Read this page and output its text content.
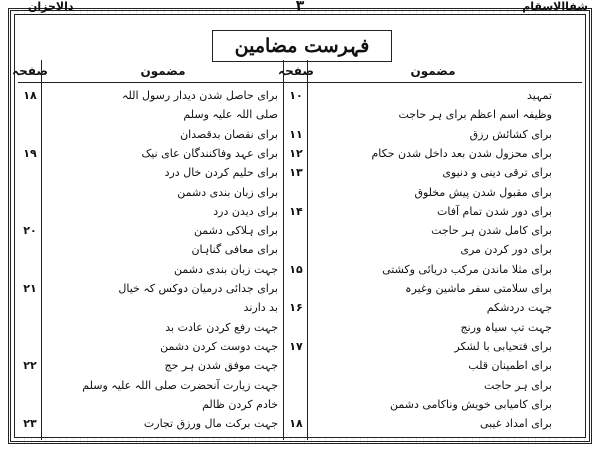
شفاالاسقام
۳
دالاحزان
فہرست مضامین
مضمون
صفحہ
مضمون
صفحہ
تمہید
۱۰
وظیفہ اسم اعظم برای ہر حاجت
برای کشائش رزق
۱۱
برای محزول شدن بعد داخل شدن حکام
۱۲
برای ترقی دینی و دنیوی
۱۳
برای مقبول شدن پیش مخلوق
برای دور شدن تمام آفات
۱۴
برای کامل شدن ہر حاجت
برای دور کردن مری
برای مثلا ماندن مرکب دریائی وکشتی
۱۵
برای سلامتی سفر ماشین وغیرہ
جہت دردشکم
۱۶
جہت تپ سیاہ ورنج
برای فتحیابی با لشکر
۱۷
برای اطمینان قلب
برای ہر حاجت
برای کامیابی خویش وناکامی دشمن
برای امداد غیبی
۱۸
برای حاصل شدن دیدار رسول اللہ
۱۸
صلی اللہ علیہ وسلم
برای نقصان بدقصدان
برای عہد وفاکنندگان عای نیک
۱۹
برای حلیم کردن خال درد
برای زبان بندی دشمن
برای دیدن درد
برای ہلاکی دشمن
۲۰
برای معافی گناہان
جہت زبان بندی دشمن
برای جدائی درمیان دوکس کہ خیال
۲۱
بد دارند
جہت رفع کردن عادت بد
جہت دوست کردن دشمن
جہت موفق شدن ہر حج
۲۲
جہت زیارت آنحضرت صلی اللہ علیہ وسلم
خادم کردن ظالم
جہت برکت مال ورزق تجارت
۲۳
